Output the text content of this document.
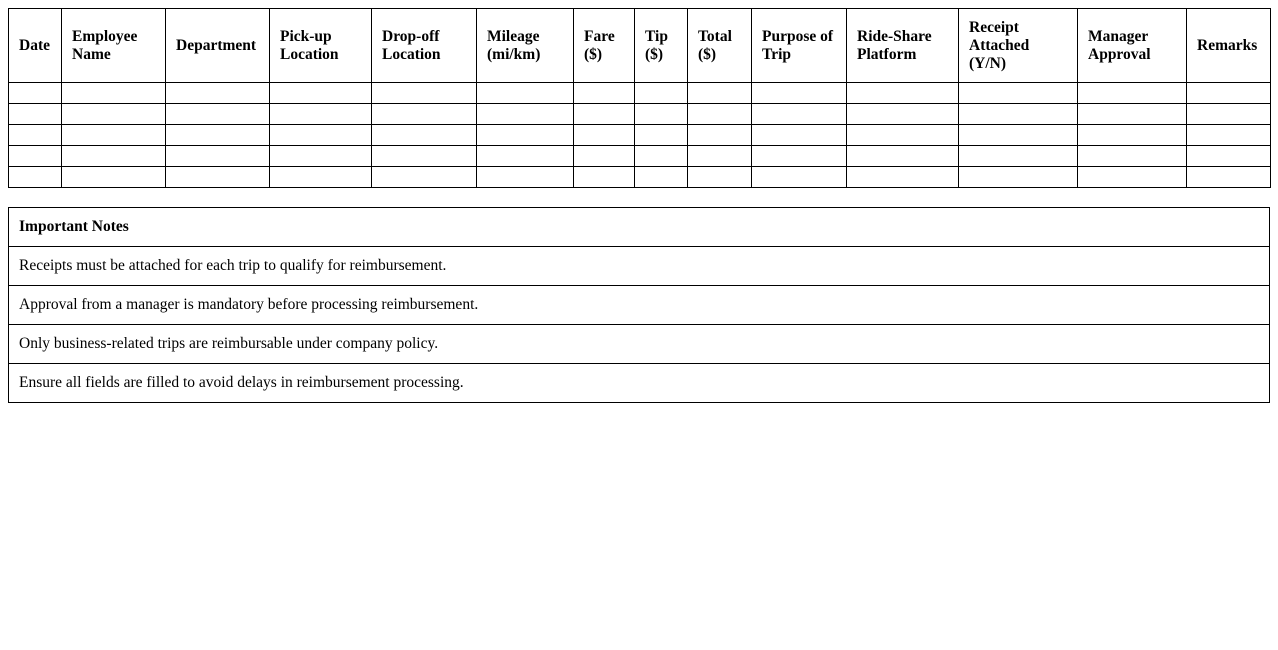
Date	Employee Name	Department	Pick-up Location	Drop-off Location	Mileage (mi/km)	Fare ($)	Tip ($)	Total ($)	Purpose of Trip	Ride-Share Platform	Receipt Attached (Y/N)	Manager Approval	Remarks

Important Notes
Receipts must be attached for each trip to qualify for reimbursement.
Approval from a manager is mandatory before processing reimbursement.
Only business-related trips are reimbursable under company policy.
Ensure all fields are filled to avoid delays in reimbursement processing.
